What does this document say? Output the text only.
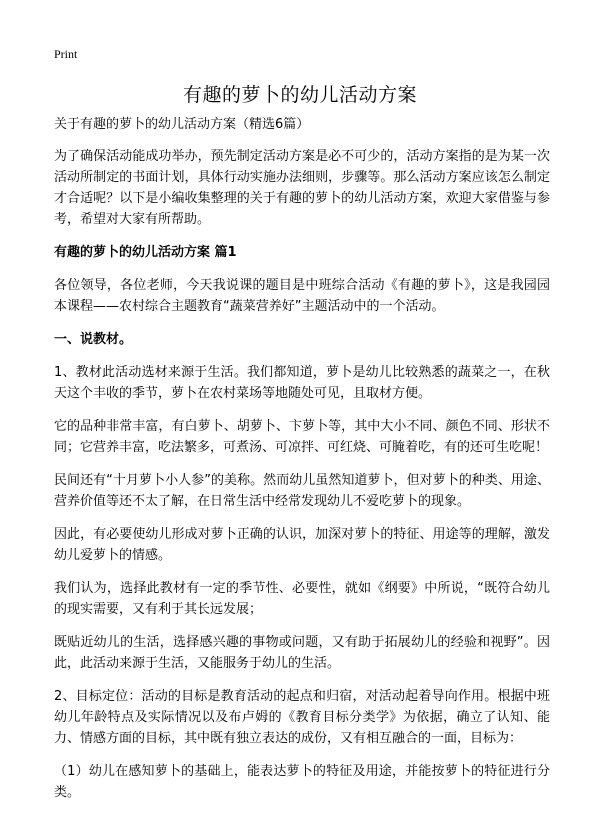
Print
有趣的萝卜的幼儿活动方案

关于有趣的萝卜的幼儿活动方案（精选6篇）

为了确保活动能成功举办，预先制定活动方案是必不可少的，活动方案指的是为某一次活动所制定的书面计划，具体行动实施办法细则，步骤等。那么活动方案应该怎么制定才合适呢？以下是小编收集整理的关于有趣的萝卜的幼儿活动方案，欢迎大家借鉴与参考，希望对大家有所帮助。

有趣的萝卜的幼儿活动方案 篇1

各位领导，各位老师，今天我说课的题目是中班综合活动《有趣的萝卜》，这是我园园本课程——农村综合主题教育“蔬菜营养好”主题活动中的一个活动。

一、说教材。

1、教材此活动选材来源于生活。我们都知道，萝卜是幼儿比较熟悉的蔬菜之一，在秋天这个丰收的季节，萝卜在农村菜场等地随处可见，且取材方便。

它的品种非常丰富，有白萝卜、胡萝卜、卞萝卜等，其中大小不同、颜色不同、形状不同；它营养丰富，吃法繁多，可煮汤、可凉拌、可红烧、可腌着吃，有的还可生吃呢！

民间还有“十月萝卜小人参”的美称。然而幼儿虽然知道萝卜，但对萝卜的种类、用途、营养价值等还不太了解，在日常生活中经常发现幼儿不爱吃萝卜的现象。

因此，有必要使幼儿形成对萝卜正确的认识，加深对萝卜的特征、用途等的理解，激发幼儿爱萝卜的情感。

我们认为，选择此教材有一定的季节性、必要性，就如《纲要》中所说，“既符合幼儿的现实需要，又有利于其长远发展；

既贴近幼儿的生活，选择感兴趣的事物或问题，又有助于拓展幼儿的经验和视野”。因此，此活动来源于生活，又能服务于幼儿的生活。

2、目标定位：活动的目标是教育活动的起点和归宿，对活动起着导向作用。根据中班幼儿年龄特点及实际情况以及布卢姆的《教育目标分类学》为依据，确立了认知、能力、情感方面的目标，其中既有独立表达的成份，又有相互融合的一面，目标为：

（1）幼儿在感知萝卜的基础上，能表达萝卜的特征及用途，并能按萝卜的特征进行分类。
